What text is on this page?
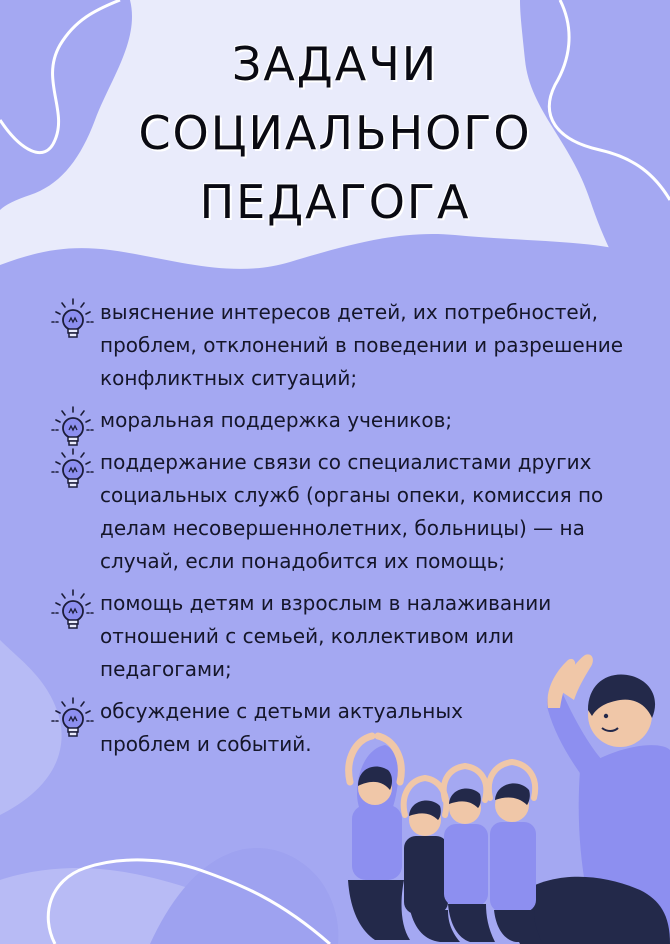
ЗАДАЧИ
СОЦИАЛЬНОГО
ПЕДАГОГА
выяснение интересов детей, их потребностей, проблем, отклонений в поведении и разрешение конфликтных ситуаций;
моральная поддержка учеников;
поддержание связи со специалистами других социальных служб (органы опеки, комиссия по делам несовершеннолетних, больницы) — на случай, если понадобится их помощь;
помощь детям и взрослым в налаживании отношений с семьей, коллективом или педагогами;
обсуждение с детьми актуальных проблем и событий.
